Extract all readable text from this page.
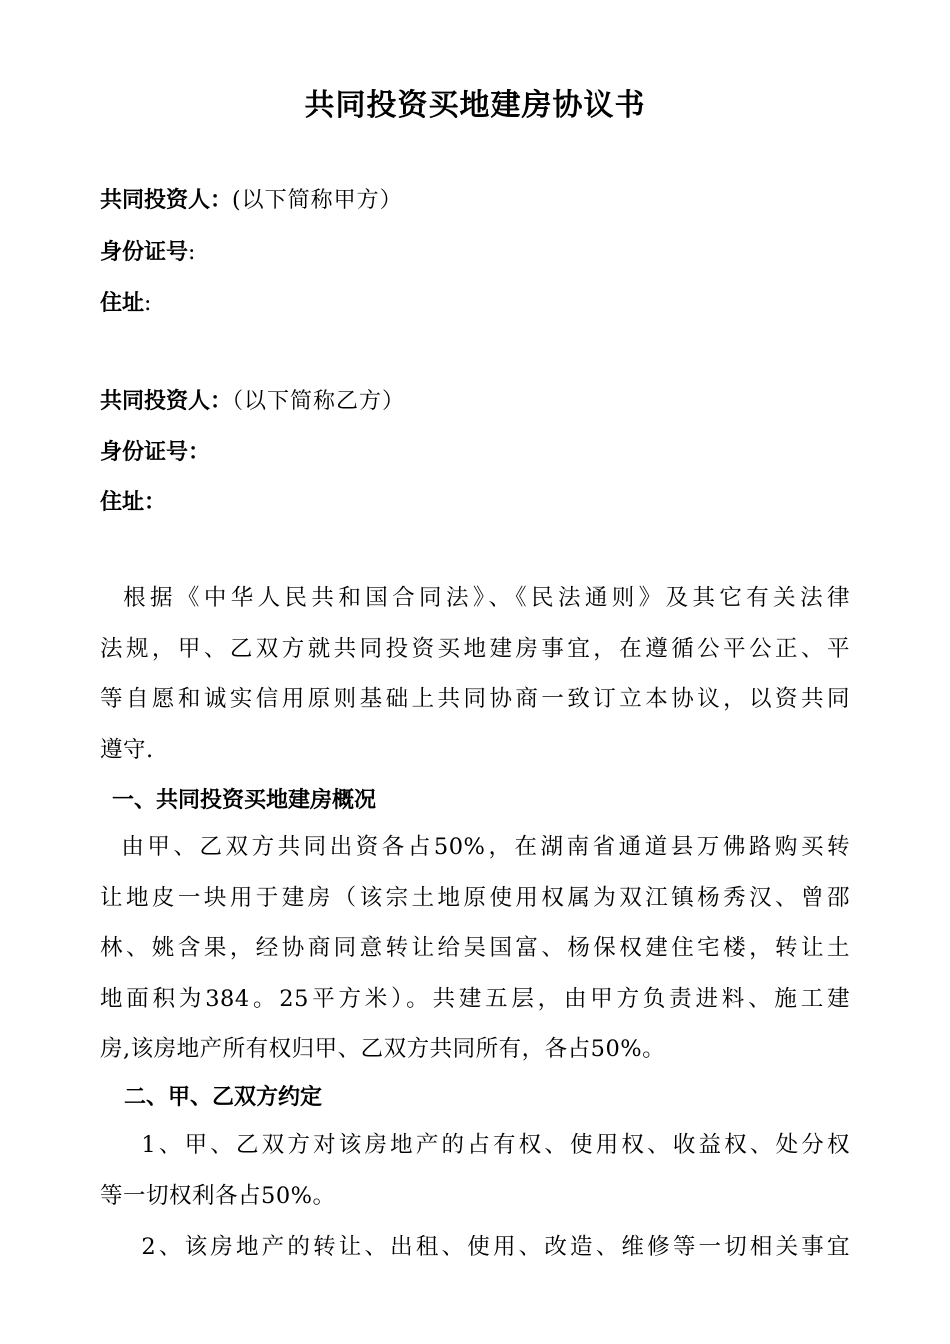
共同投资买地建房协议书
共同投资人：(以下简称甲方）
身份证号:
住址:
共同投资人：（以下简称乙方）
身份证号：
住址：
根据《中华人民共和国合同法》、《民法通则》及其它有关法律
法规，甲、乙双方就共同投资买地建房事宜，在遵循公平公正、平
等自愿和诚实信用原则基础上共同协商一致订立本协议，以资共同
遵守.
一、共同投资买地建房概况
由甲、乙双方共同出资各占50%，在湖南省通道县万佛路购买转
让地皮一块用于建房（该宗土地原使用权属为双江镇杨秀汉、曾邵
林、姚含果，经协商同意转让给吴国富、杨保权建住宅楼，转让土
地面积为384。25平方米）。共建五层，由甲方负责进料、施工建
房,该房地产所有权归甲、乙双方共同所有，各占50%。
二、甲、乙双方约定
1、甲、乙双方对该房地产的占有权、使用权、收益权、处分权
等一切权利各占50%。
2、该房地产的转让、出租、使用、改造、维修等一切相关事宜
